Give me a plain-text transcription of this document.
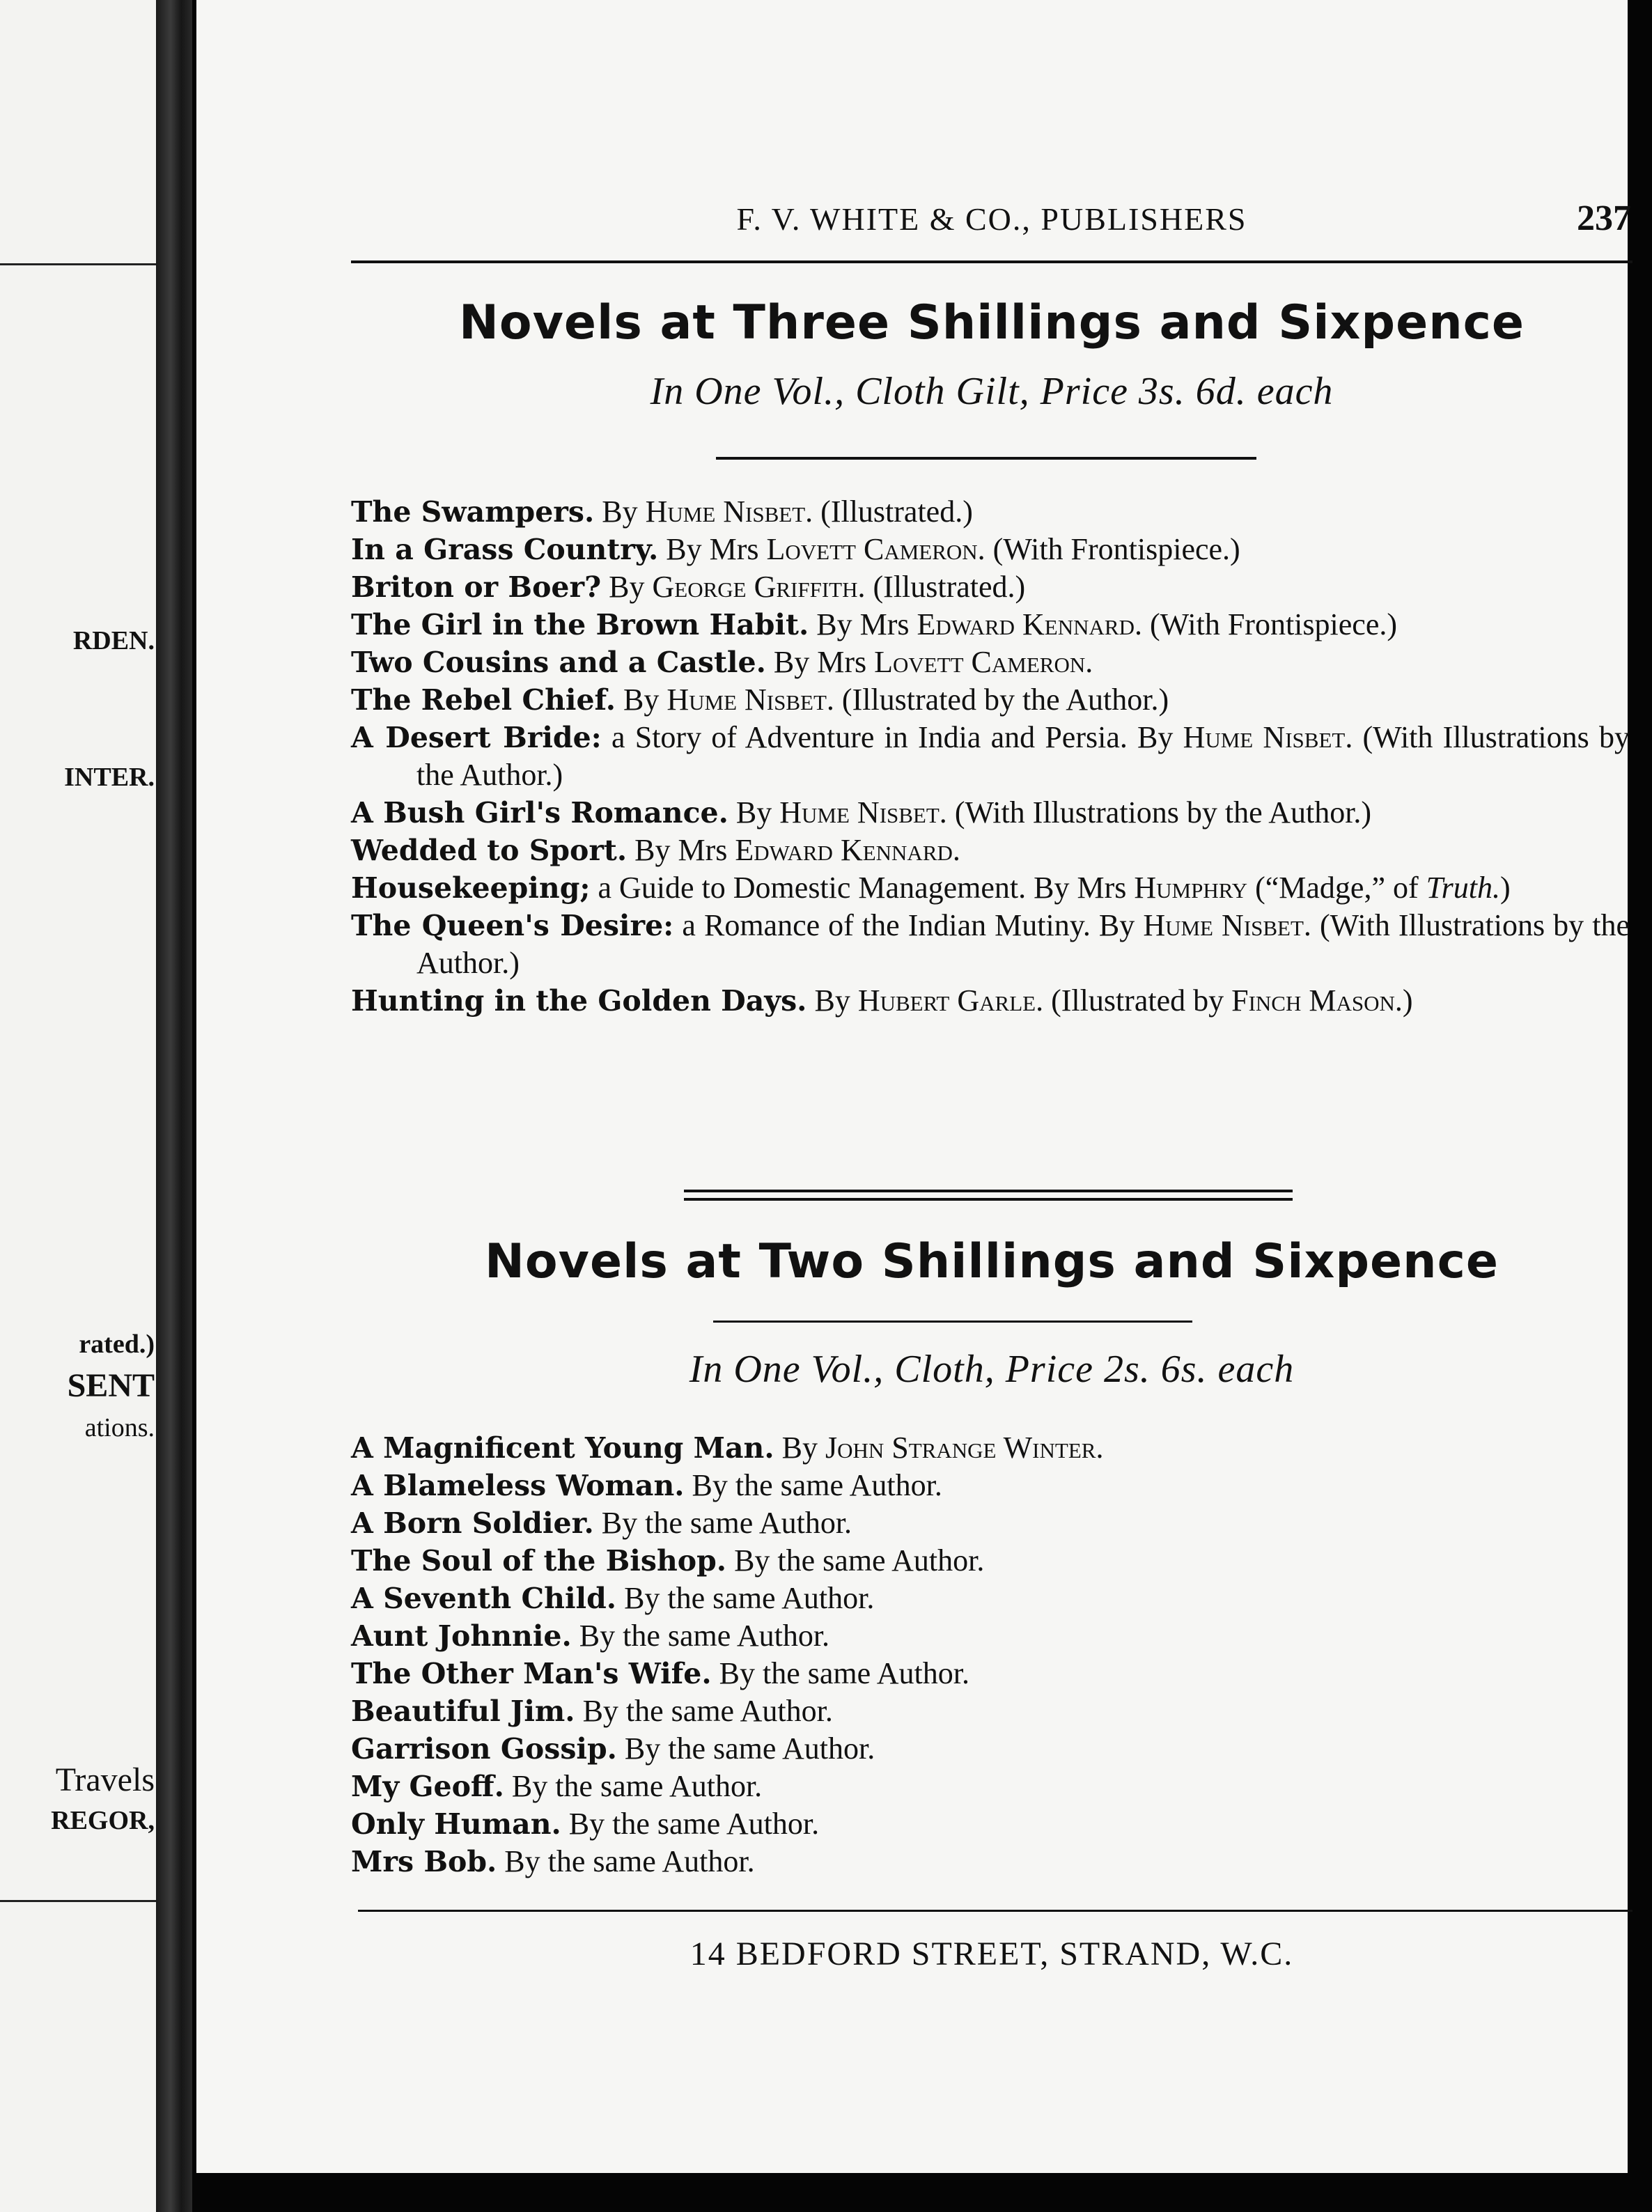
RDEN.
INTER.
rated.)
SENT
ations.
Travels
REGOR,
F. V. WHITE & CO., PUBLISHERS	237
Novels at Three Shillings and Sixpence
In One Vol., Cloth Gilt, Price 3s. 6d. each
The Swampers. By Hume Nisbet. (Illustrated.)
In a Grass Country. By Mrs Lovett Cameron. (With Frontispiece.)
Briton or Boer? By George Griffith. (Illustrated.)
The Girl in the Brown Habit. By Mrs Edward Kennard. (With Frontispiece.)
Two Cousins and a Castle. By Mrs Lovett Cameron.
The Rebel Chief. By Hume Nisbet. (Illustrated by the Author.)
A Desert Bride: a Story of Adventure in India and Persia. By Hume Nisbet. (With Illustrations by the Author.)
A Bush Girl's Romance. By Hume Nisbet. (With Illustrations by the Author.)
Wedded to Sport. By Mrs Edward Kennard.
Housekeeping; a Guide to Domestic Management. By Mrs Humphry (“Madge,” of Truth.)
The Queen's Desire: a Romance of the Indian Mutiny. By Hume Nisbet. (With Illustrations by the Author.)
Hunting in the Golden Days. By Hubert Garle. (Illustrated by Finch Mason.)
Novels at Two Shillings and Sixpence
In One Vol., Cloth, Price 2s. 6s. each
A Magnificent Young Man. By John Strange Winter.
A Blameless Woman. By the same Author.
A Born Soldier. By the same Author.
The Soul of the Bishop. By the same Author.
A Seventh Child. By the same Author.
Aunt Johnnie. By the same Author.
The Other Man's Wife. By the same Author.
Beautiful Jim. By the same Author.
Garrison Gossip. By the same Author.
My Geoff. By the same Author.
Only Human. By the same Author.
Mrs Bob. By the same Author.
14 BEDFORD STREET, STRAND, W.C.
